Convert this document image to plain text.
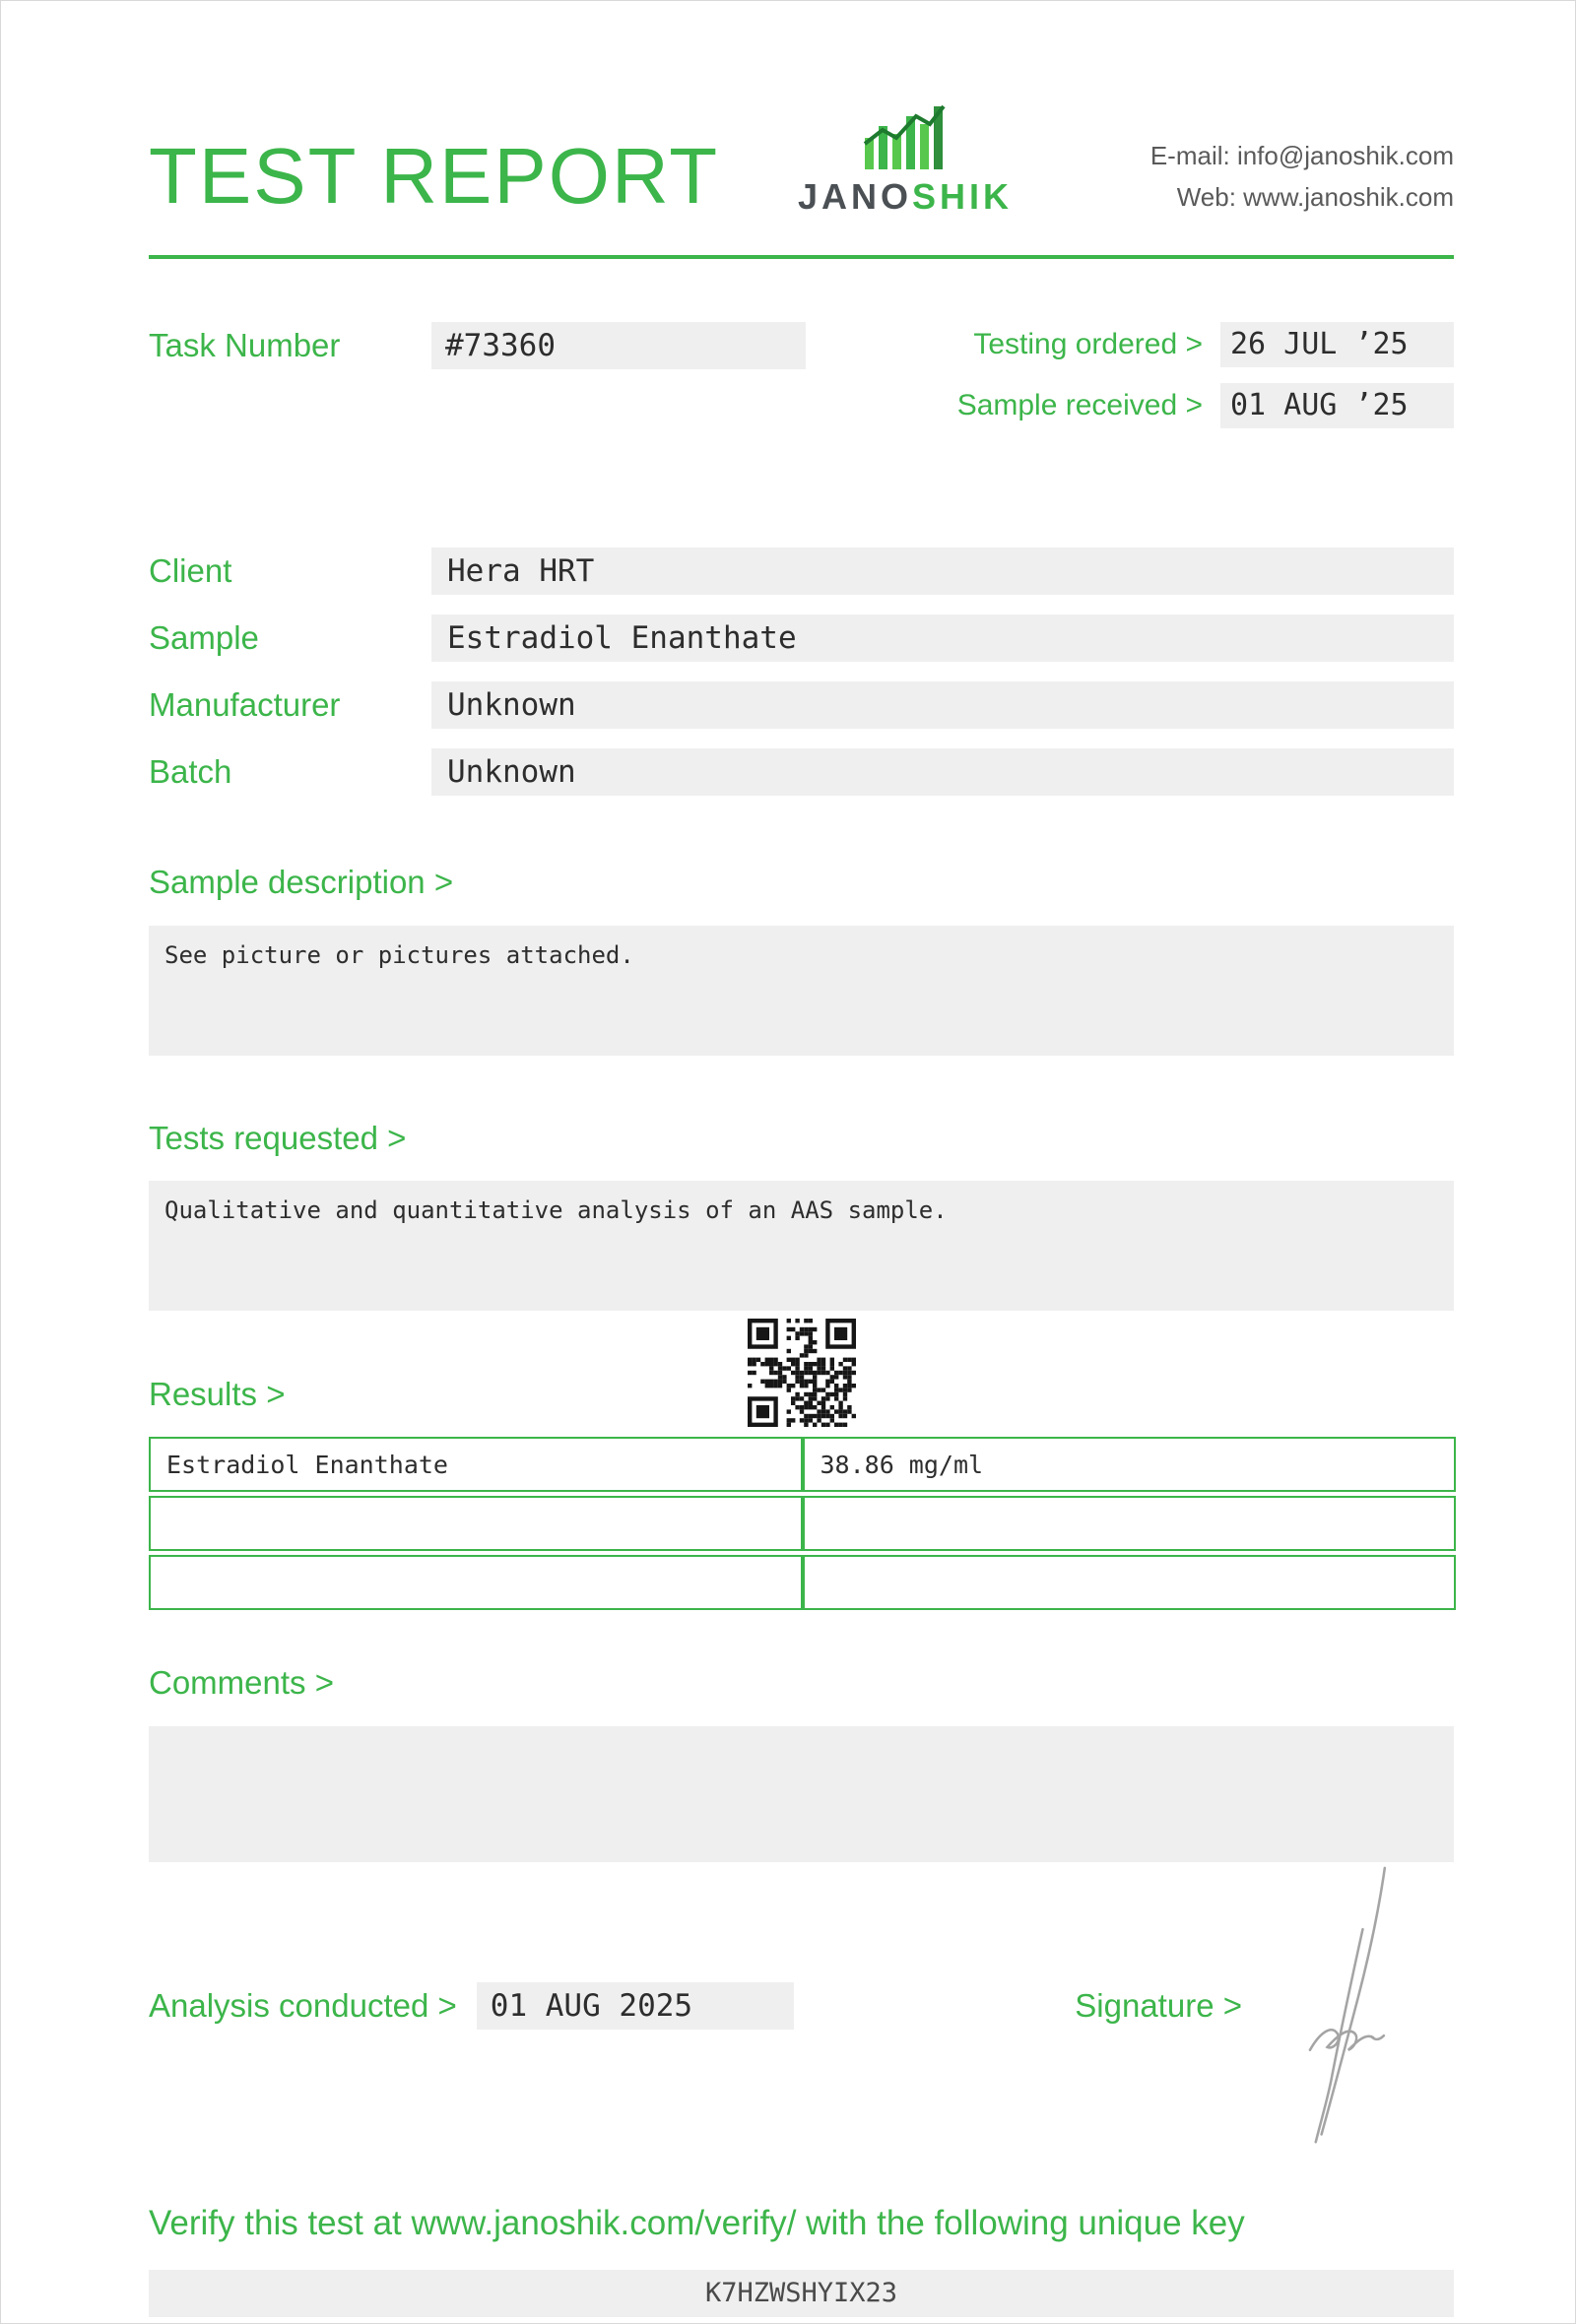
TEST REPORT JANOSHIK
E-mail: info@janoshik.com
Web: www.janoshik.com
Task Number	#73360	Testing ordered > 26 JUL ’25
Sample received > 01 AUG ’25
Client	Hera HRT
Sample	Estradiol Enanthate
Manufacturer	Unknown
Batch	Unknown
Sample description >
See picture or pictures attached.
Tests requested >
Qualitative and quantitative analysis of an AAS sample.
Results >
Estradiol Enanthate	38.86 mg/ml

Comments >
Analysis conducted >	01 AUG 2025	Signature >
Verify this test at www.janoshik.com/verify/ with the following unique key
K7HZWSHYIX23
